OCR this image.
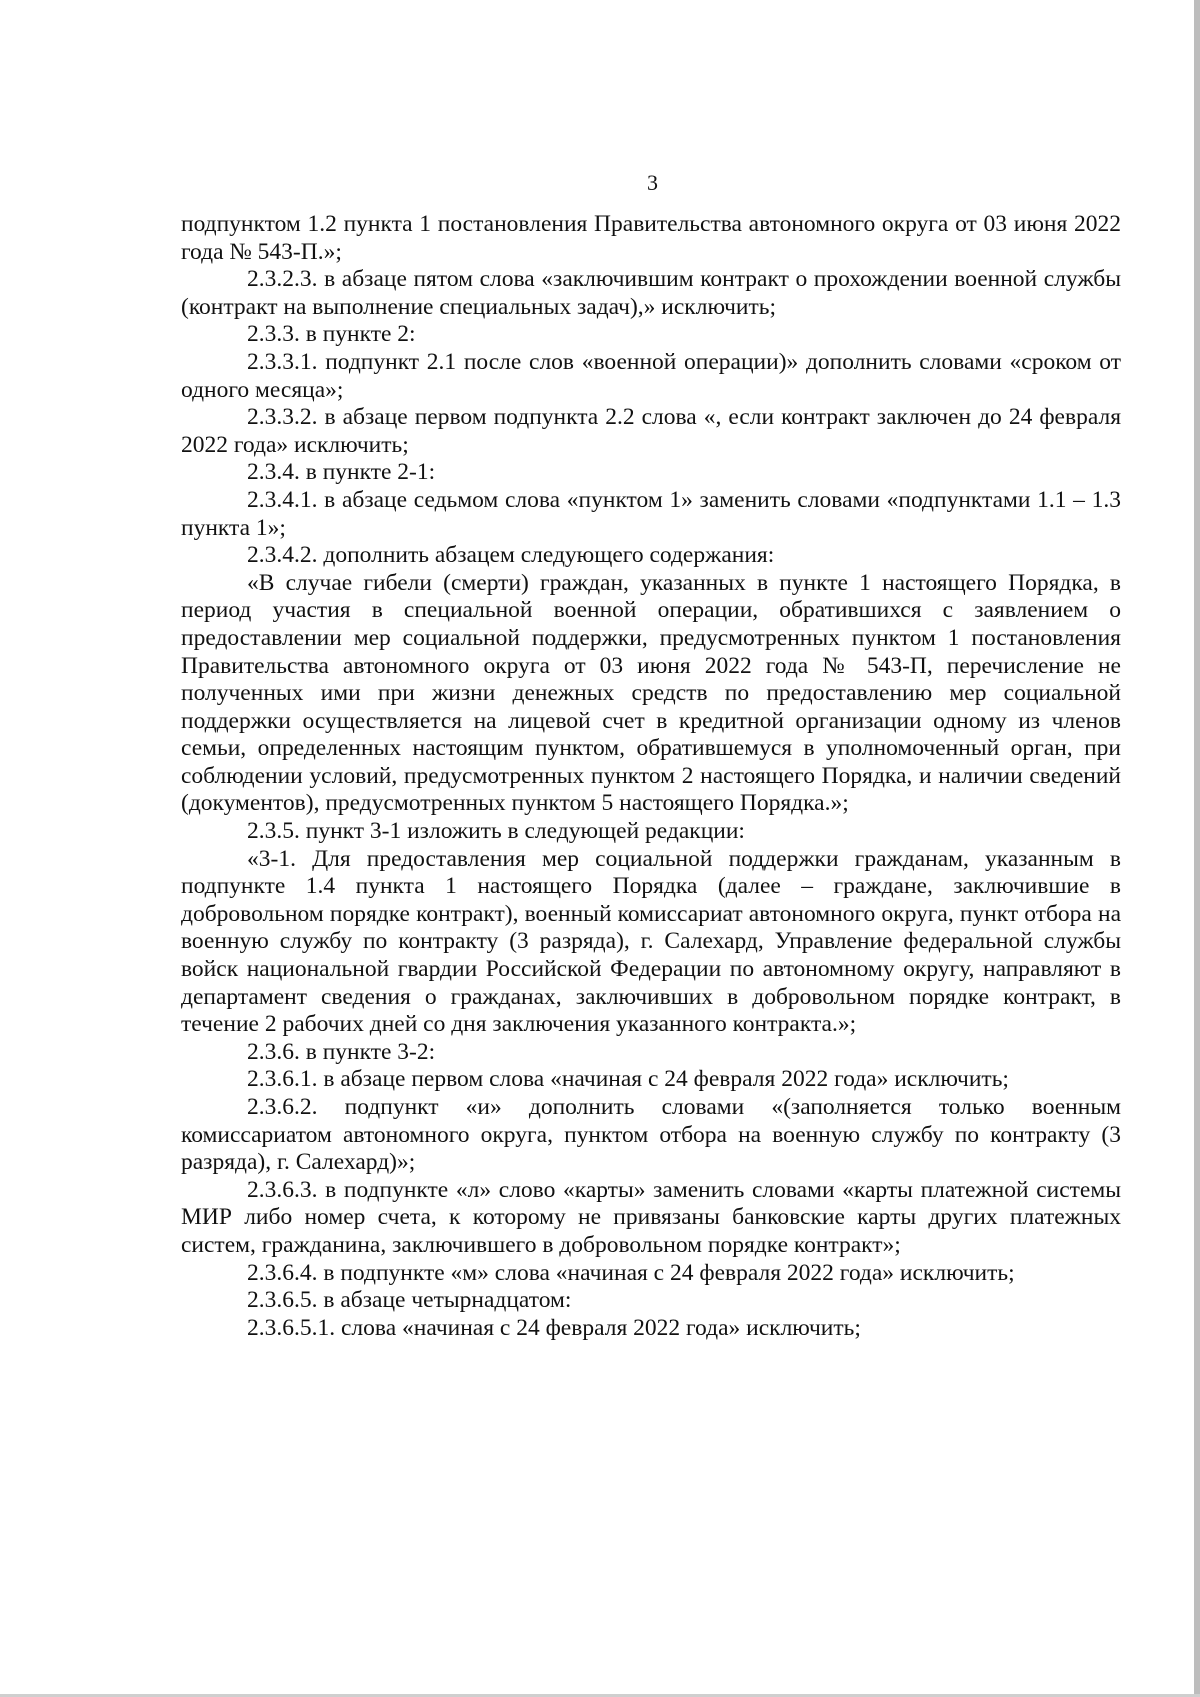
3

подпунктом 1.2 пункта 1 постановления Правительства автономного округа от 03 июня 2022 года № 543-П.»;

2.3.2.3. в абзаце пятом слова «заключившим контракт о прохождении военной службы (контракт на выполнение специальных задач),» исключить;

2.3.3. в пункте 2:

2.3.3.1. подпункт 2.1 после слов «военной операции)» дополнить словами «сроком от одного месяца»;

2.3.3.2. в абзаце первом подпункта 2.2 слова «, если контракт заключен до 24 февраля 2022 года» исключить;

2.3.4. в пункте 2-1:

2.3.4.1. в абзаце седьмом слова «пунктом 1» заменить словами «подпунктами 1.1 – 1.3 пункта 1»;

2.3.4.2. дополнить абзацем следующего содержания:

«В случае гибели (смерти) граждан, указанных в пункте 1 настоящего Порядка, в период участия в специальной военной операции, обратившихся с заявлением о предоставлении мер социальной поддержки, предусмотренных пунктом 1 постановления Правительства автономного округа от 03 июня 2022 года № 543-П, перечисление не полученных ими при жизни денежных средств по предоставлению мер социальной поддержки осуществляется на лицевой счет в кредитной организации одному из членов семьи, определенных настоящим пунктом, обратившемуся в уполномоченный орган, при соблюдении условий, предусмотренных пунктом 2 настоящего Порядка, и наличии сведений (документов), предусмотренных пунктом 5 настоящего Порядка.»;

2.3.5. пункт 3-1 изложить в следующей редакции:

«3-1. Для предоставления мер социальной поддержки гражданам, указанным в подпункте 1.4 пункта 1 настоящего Порядка (далее – граждане, заключившие в добровольном порядке контракт), военный комиссариат автономного округа, пункт отбора на военную службу по контракту (3 разряда), г. Салехард, Управление федеральной службы войск национальной гвардии Российской Федерации по автономному округу, направляют в департамент сведения о гражданах, заключивших в добровольном порядке контракт, в течение 2 рабочих дней со дня заключения указанного контракта.»;

2.3.6. в пункте 3-2:

2.3.6.1. в абзаце первом слова «начиная с 24 февраля 2022 года» исключить;

2.3.6.2. подпункт «и» дополнить словами «(заполняется только военным комиссариатом автономного округа, пунктом отбора на военную службу по контракту (3 разряда), г. Салехард)»;

2.3.6.3. в подпункте «л» слово «карты» заменить словами «карты платежной системы МИР либо номер счета, к которому не привязаны банковские карты других платежных систем, гражданина, заключившего в добровольном порядке контракт»;

2.3.6.4. в подпункте «м» слова «начиная с 24 февраля 2022 года» исключить;

2.3.6.5. в абзаце четырнадцатом:

2.3.6.5.1. слова «начиная с 24 февраля 2022 года» исключить;
